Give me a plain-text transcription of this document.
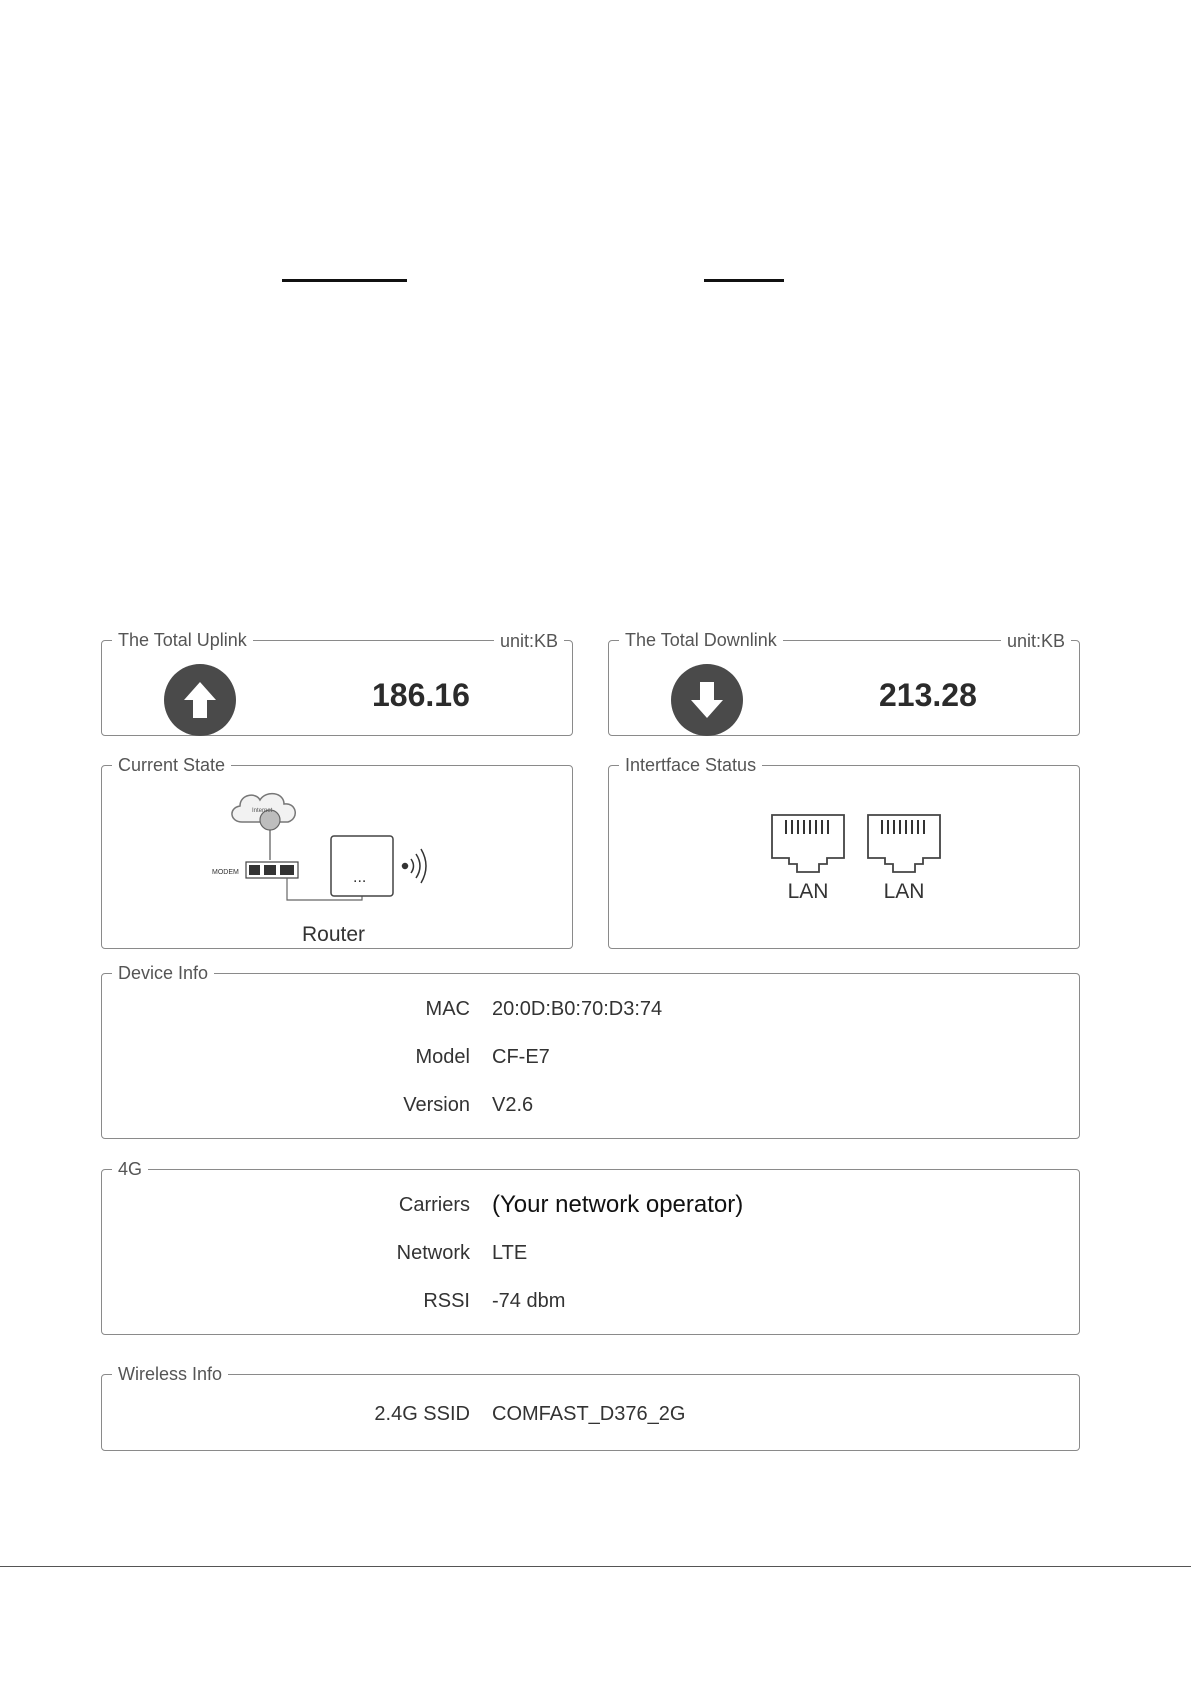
The Total Uplink	unit:KB
186.16
The Total Downlink	unit:KB
213.28
Current State
Internet
MODEM	...
Router
Intertface Status
LAN	LAN
Device Info
MAC 20:0D:B0:70:D3:74
Model CF-E7
Version V2.6
4G
Carriers (Your network operator)
Network LTE
RSSI -74 dbm
Wireless Info
2.4G SSID COMFAST_D376_2G
